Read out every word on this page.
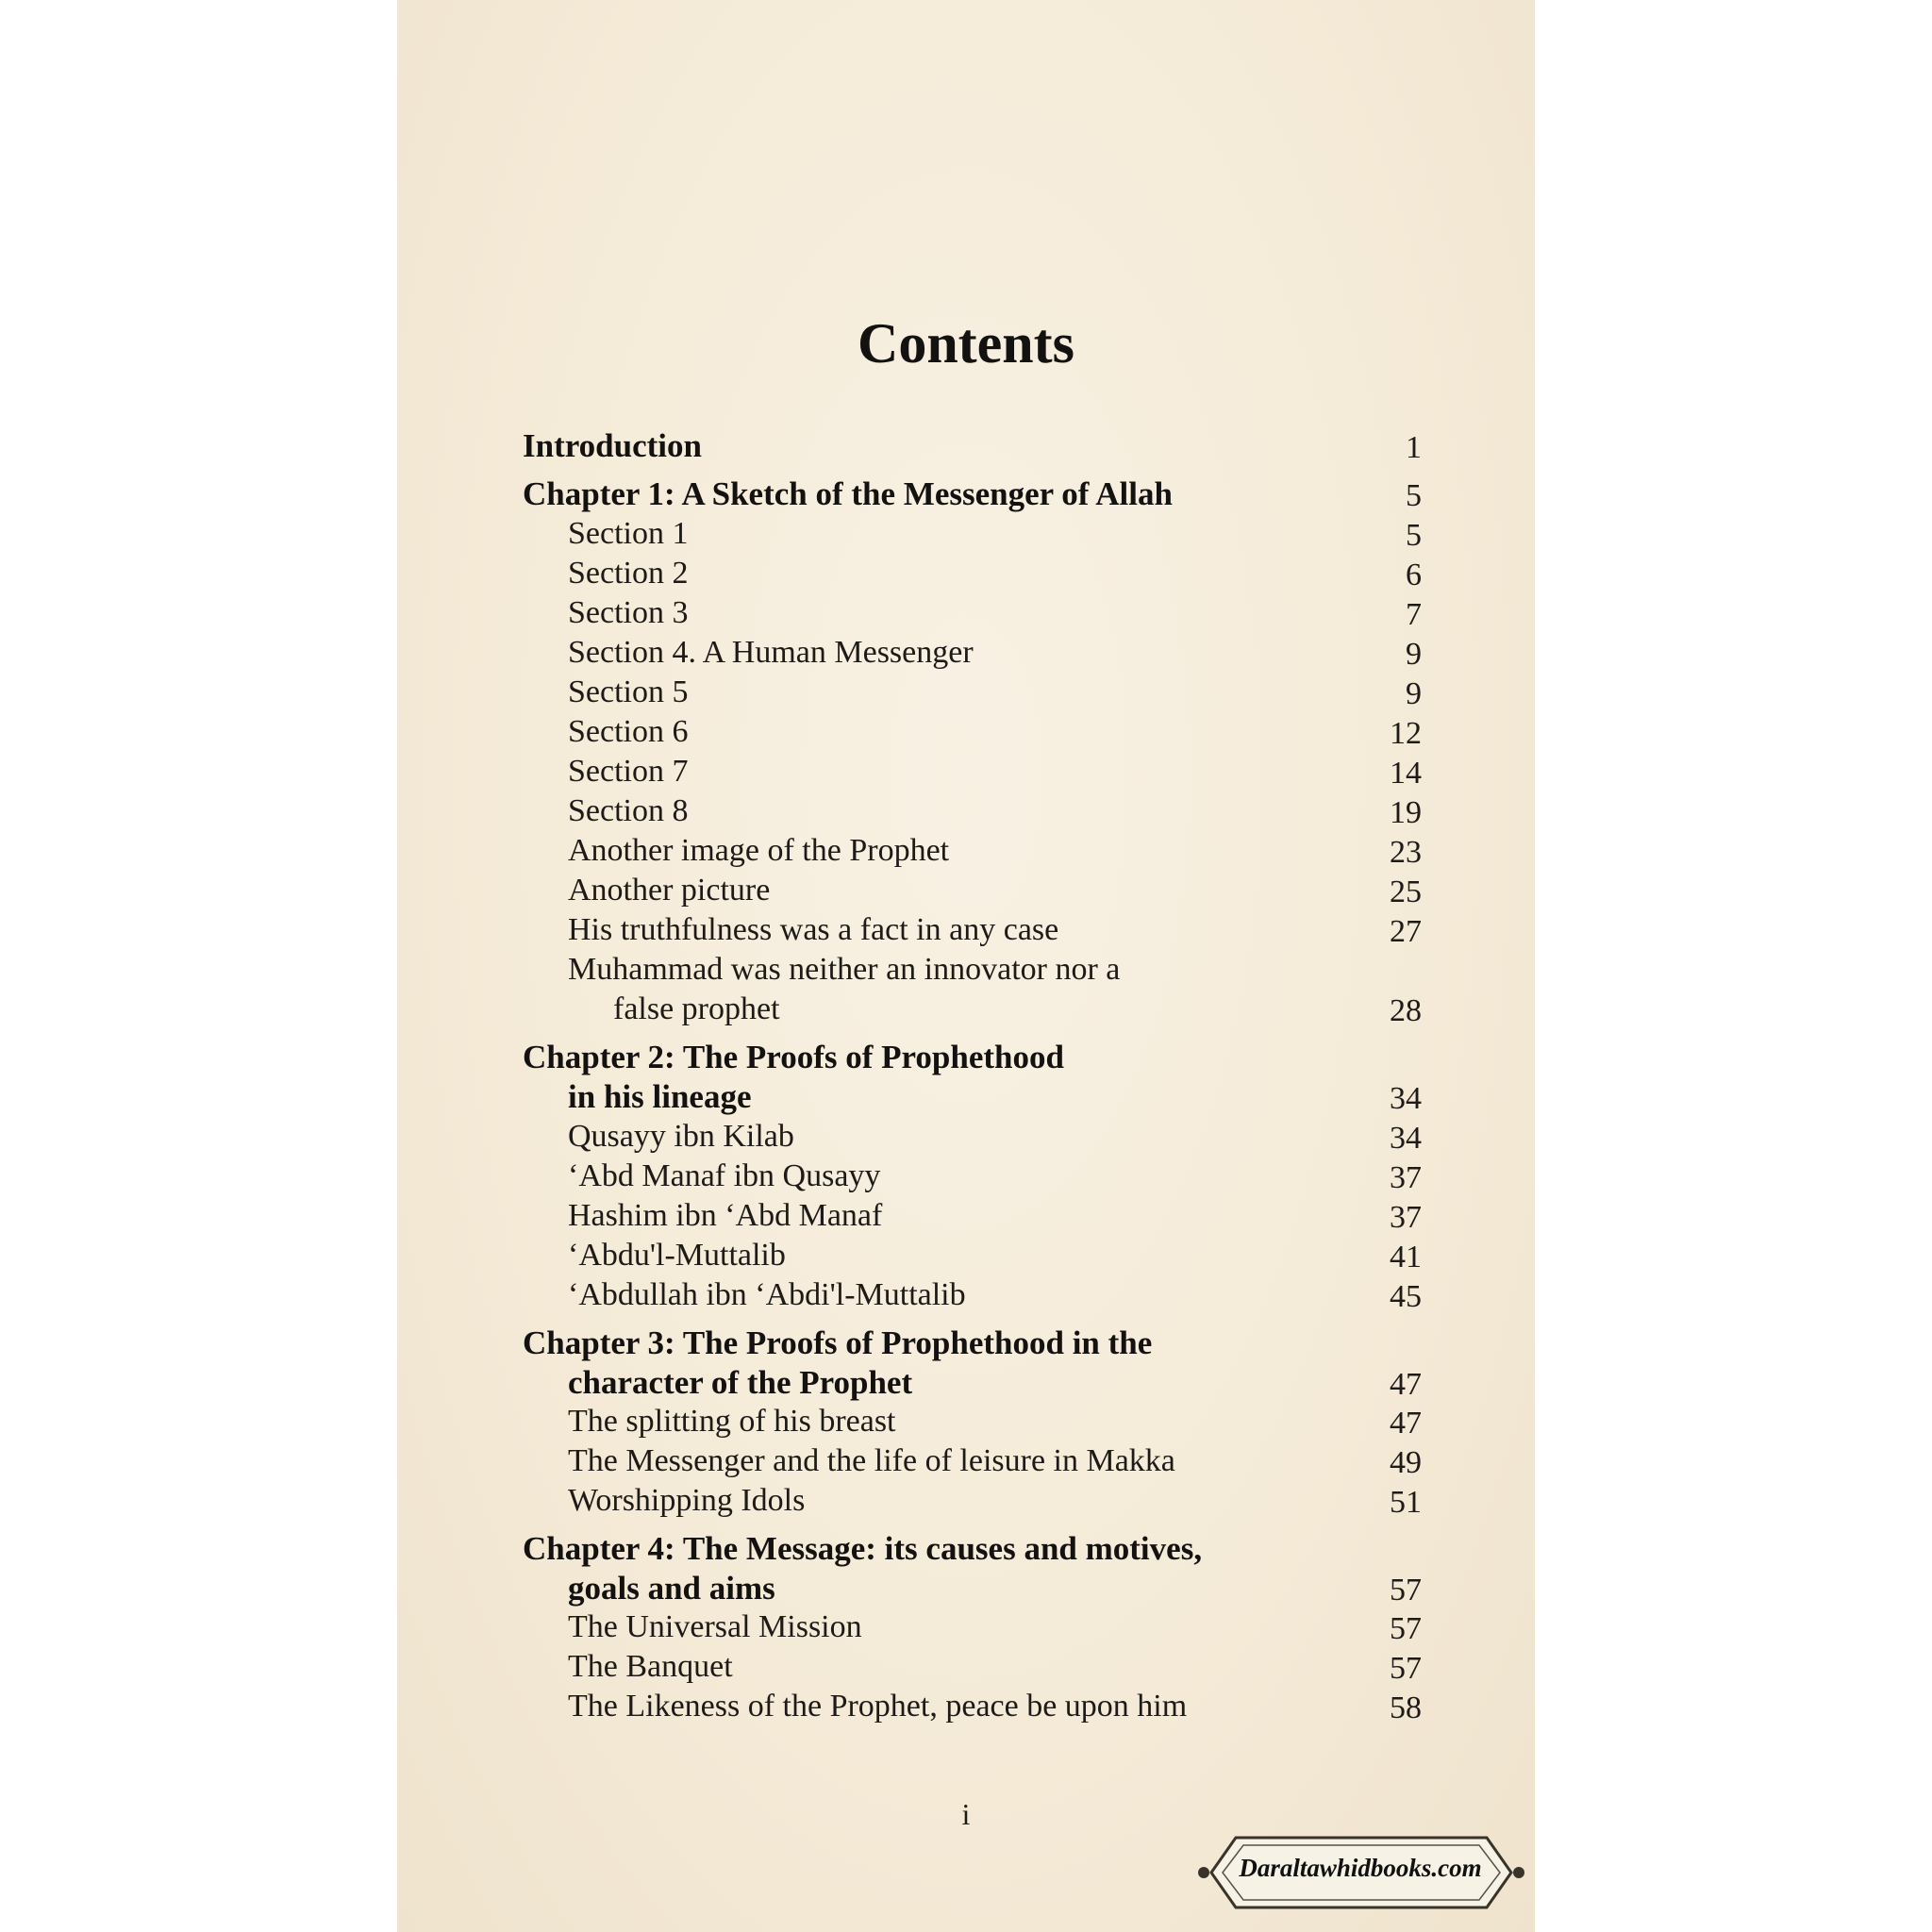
Contents
Introduction	1
Chapter 1: A Sketch of the Messenger of Allah	5
Section 1	5
Section 2	6
Section 3	7
Section 4. A Human Messenger	9
Section 5	9
Section 6	12
Section 7	14
Section 8	19
Another image of the Prophet	23
Another picture	25
His truthfulness was a fact in any case	27
Muhammad was neither an innovator nor a
false prophet	28
Chapter 2: The Proofs of Prophethood
in his lineage	34
Qusayy ibn Kilab	34
‘Abd Manaf ibn Qusayy	37
Hashim ibn ‘Abd Manaf	37
‘Abdu'l-Muttalib	41
‘Abdullah ibn ‘Abdi'l-Muttalib	45
Chapter 3: The Proofs of Prophethood in the
character of the Prophet	47
The splitting of his breast	47
The Messenger and the life of leisure in Makka	49
Worshipping Idols	51
Chapter 4: The Message: its causes and motives,
goals and aims	57
The Universal Mission	57
The Banquet	57
The Likeness of the Prophet, peace be upon him	58
i
Daraltawhidbooks.com
